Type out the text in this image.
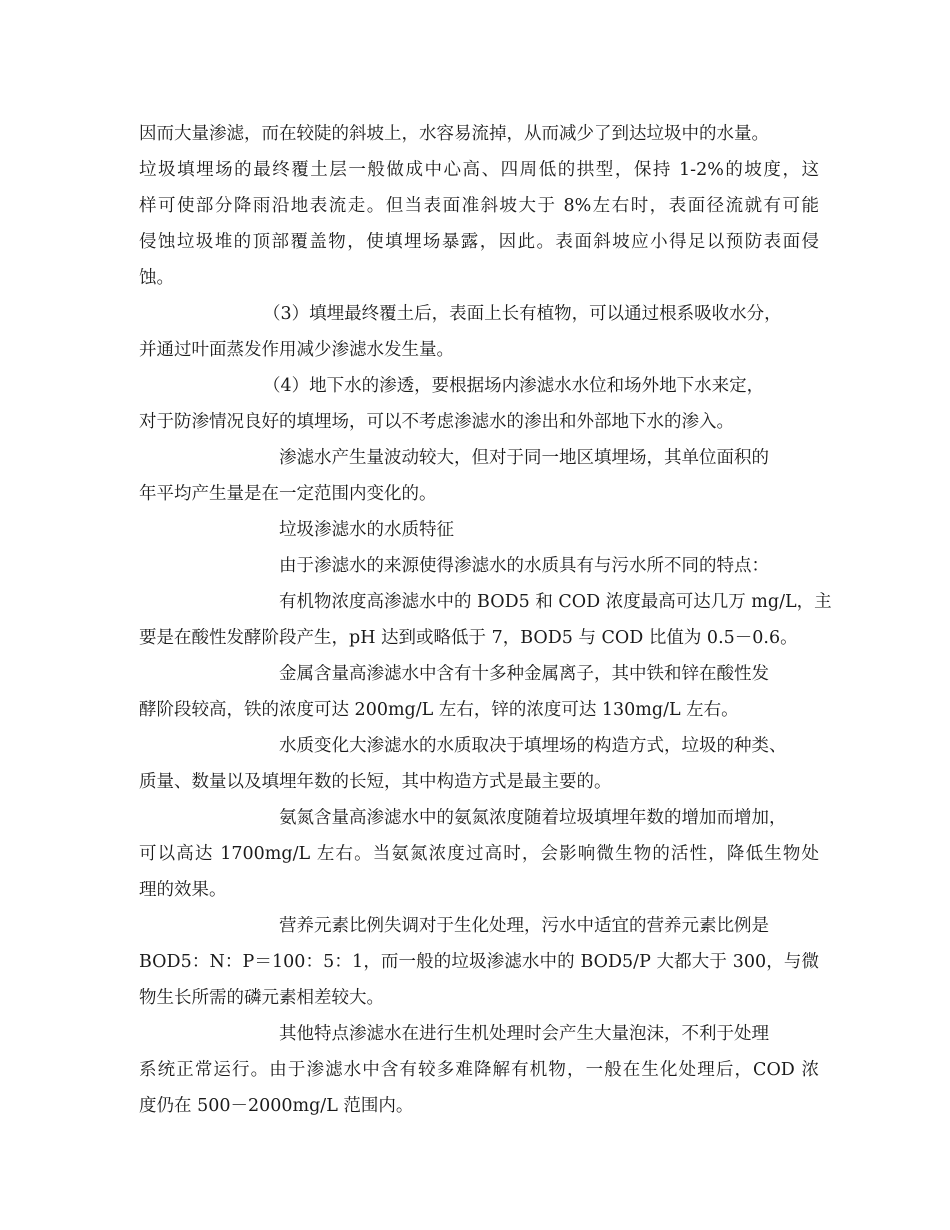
因而大量渗滤，而在较陡的斜坡上，水容易流掉，从而减少了到达垃圾中的水量。
垃圾填埋场的最终覆土层一般做成中心高、四周低的拱型，保持 1-2%的坡度，这
样可使部分降雨沿地表流走。但当表面准斜坡大于 8%左右时，表面径流就有可能
侵蚀垃圾堆的顶部覆盖物，使填埋场暴露，因此。表面斜坡应小得足以预防表面侵
蚀。
（3）填埋最终覆土后，表面上长有植物，可以通过根系吸收水分，
并通过叶面蒸发作用减少渗滤水发生量。
（4）地下水的渗透，要根据场内渗滤水水位和场外地下水来定，
对于防渗情况良好的填埋场，可以不考虑渗滤水的渗出和外部地下水的渗入。
渗滤水产生量波动较大，但对于同一地区填埋场，其单位面积的
年平均产生量是在一定范围内变化的。
垃圾渗滤水的水质特征
由于渗滤水的来源使得渗滤水的水质具有与污水所不同的特点：
有机物浓度高渗滤水中的 BOD5 和 COD 浓度最高可达几万 mg/L，主
要是在酸性发酵阶段产生，pH 达到或略低于 7，BOD5 与 COD 比值为 0.5－0.6。
金属含量高渗滤水中含有十多种金属离子，其中铁和锌在酸性发
酵阶段较高，铁的浓度可达 200mg/L 左右，锌的浓度可达 130mg/L 左右。
水质变化大渗滤水的水质取决于填埋场的构造方式，垃圾的种类、
质量、数量以及填埋年数的长短，其中构造方式是最主要的。
氨氮含量高渗滤水中的氨氮浓度随着垃圾填埋年数的增加而增加，
可以高达 1700mg/L 左右。当氨氮浓度过高时，会影响微生物的活性，降低生物处
理的效果。
营养元素比例失调对于生化处理，污水中适宜的营养元素比例是
BOD5：N：P＝100：5：1，而一般的垃圾渗滤水中的 BOD5/P 大都大于 300，与微
物生长所需的磷元素相差较大。
其他特点渗滤水在进行生机处理时会产生大量泡沫，不利于处理
系统正常运行。由于渗滤水中含有较多难降解有机物，一般在生化处理后，COD 浓
度仍在 500－2000mg/L 范围内。
